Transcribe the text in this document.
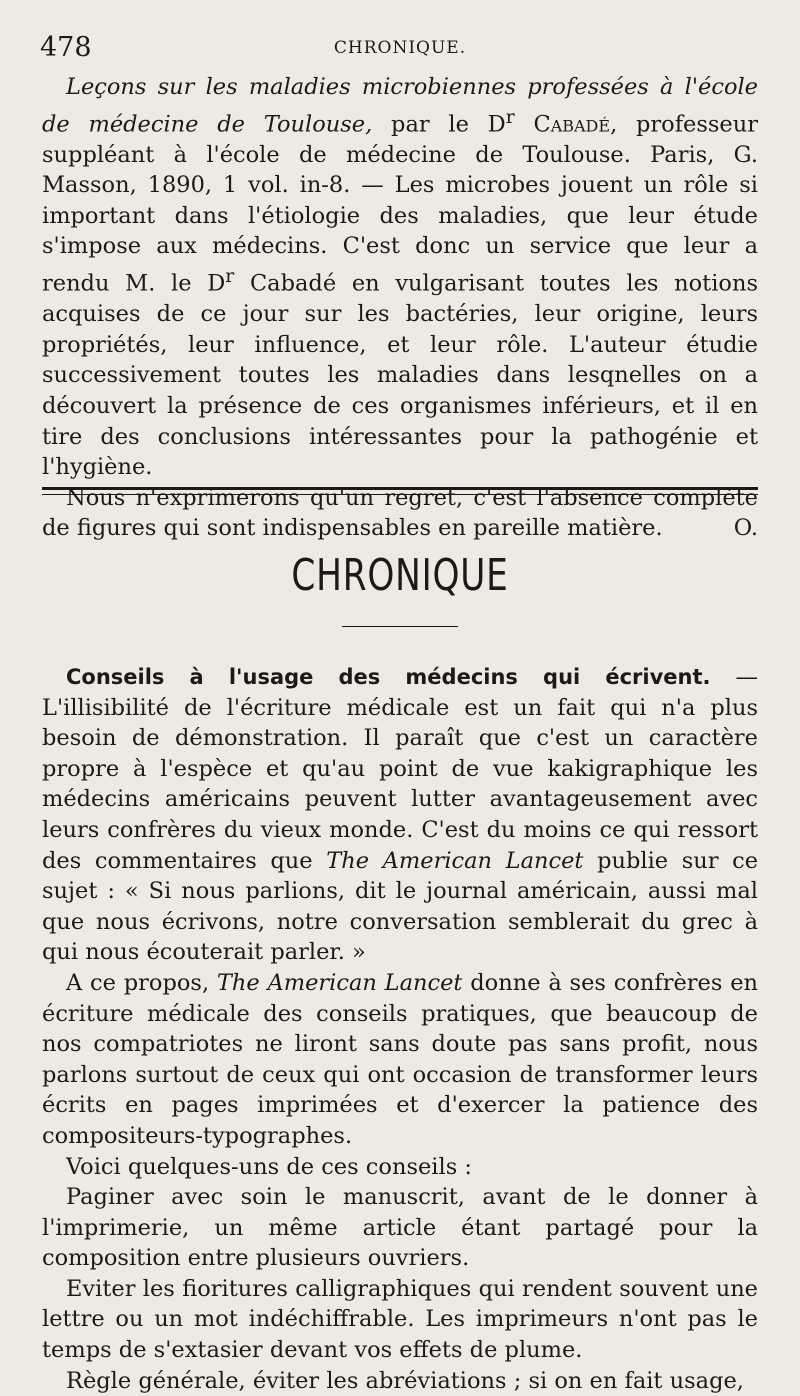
478	CHRONIQUE.

Leçons sur les maladies microbiennes professées à l'école de médecine de Toulouse, par le $D^r$ Cabadé, professeur suppléant à l'école de médecine de Toulouse. Paris, G. Masson, 1890, 1 vol. in-8. — Les microbes jouent un rôle si important dans l'étiologie des maladies, que leur étude s'impose aux médecins. C'est donc un service que leur a rendu M. le $D^r$ Cabadé en vulgarisant toutes les notions acquises de ce jour sur les bactéries, leur origine, leurs propriétés, leur influence, et leur rôle. L'auteur étudie successivement toutes les maladies dans lesqnelles on a découvert la présence de ces organismes inférieurs, et il en tire des conclusions intéressantes pour la pathogénie et l'hygiène.

Nous n'exprimerons qu'un regret, c'est l'absence complète de figures qui sont indispensables en pareille matière.	O.

CHRONIQUE

Conseils à l'usage des médecins qui écrivent. — L'illisibilité de l'écriture médicale est un fait qui n'a plus besoin de démonstration. Il paraît que c'est un caractère propre à l'espèce et qu'au point de vue kakigraphique les médecins américains peuvent lutter avantageusement avec leurs confrères du vieux monde. C'est du moins ce qui ressort des commentaires que The American Lancet publie sur ce sujet : « Si nous parlions, dit le journal américain, aussi mal que nous écrivons, notre conversation semblerait du grec à qui nous écouterait parler. »

A ce propos, The American Lancet donne à ses confrères en écriture médicale des conseils pratiques, que beaucoup de nos compatriotes ne liront sans doute pas sans profit, nous parlons surtout de ceux qui ont occasion de transformer leurs écrits en pages imprimées et d'exercer la patience des compositeurs-typographes.

Voici quelques-uns de ces conseils :

Paginer avec soin le manuscrit, avant de le donner à l'imprimerie, un même article étant partagé pour la composition entre plusieurs ouvriers.

Eviter les fioritures calligraphiques qui rendent souvent une lettre ou un mot indéchiffrable. Les imprimeurs n'ont pas le temps de s'extasier devant vos effets de plume.

Règle générale, éviter les abréviations ; si on en fait usage,
